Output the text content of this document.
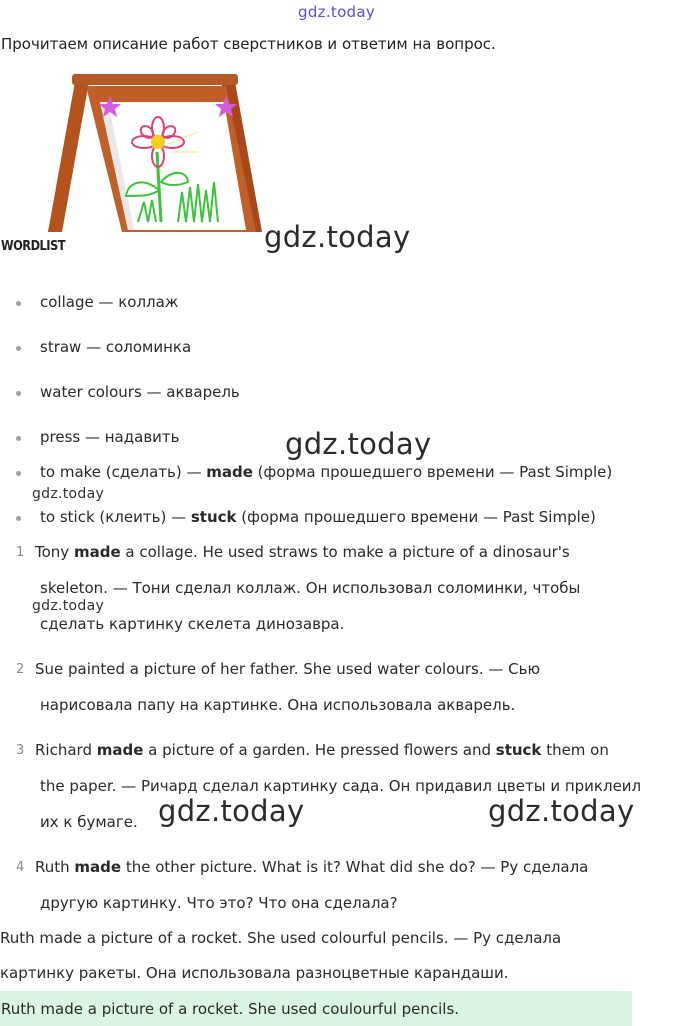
gdz.today
gdz.today
gdz.today
gdz.today
gdz.today
gdz.today	gdz.today
Прочитаем описание работ сверстников и ответим на вопрос.
WORDLIST
collage — коллаж
straw — соломинка
water colours — акварель
press — надавить
to make (сделать) — made (форма прошедшего времени — Past Simple)
to stick (клеить) — stuck (форма прошедшего времени — Past Simple)
1 Tony made a collage. He used straws to make a picture of a dinosaur's
skeleton. — Тони сделал коллаж. Он использовал соломинки, чтобы
сделать картинку скелета динозавра.
2 Sue painted a picture of her father. She used water colours. — Сью
нарисовала папу на картинке. Она использовала акварель.
3 Richard made a picture of a garden. He pressed flowers and stuck them on
the paper. — Ричард сделал картинку сада. Он придавил цветы и приклеил
их к бумаге.
4 Ruth made the other picture. What is it? What did she do? — Ру сделала
другую картинку. Что это? Что она сделала?
Ruth made a picture of a rocket. She used colourful pencils. — Ру сделала
картинку ракеты. Она использовала разноцветные карандаши.
Ruth made a picture of a rocket. She used coulourful pencils.
